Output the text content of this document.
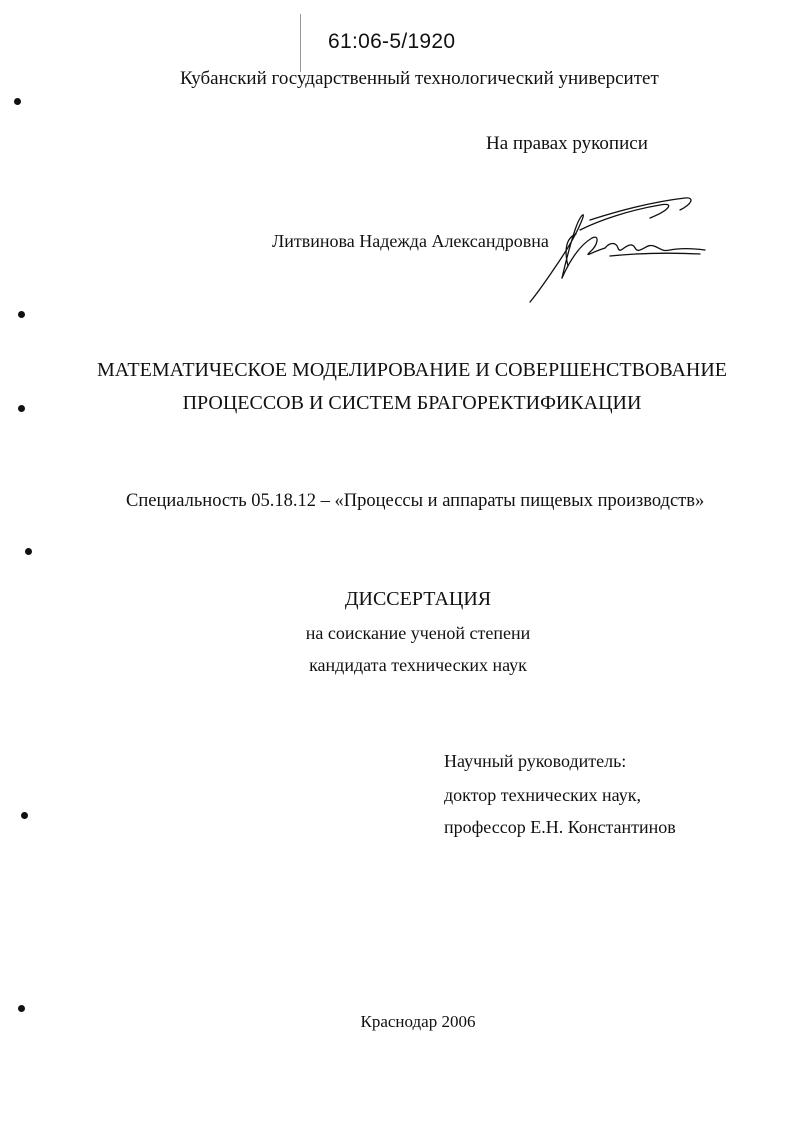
61:06-5/1920
Кубанский государственный технологический университет
На правах рукописи
Литвинова Надежда Александровна
МАТЕМАТИЧЕСКОЕ МОДЕЛИРОВАНИЕ И СОВЕРШЕНСТВОВАНИЕ
ПРОЦЕССОВ И СИСТЕМ БРАГОРЕКТИФИКАЦИИ
Специальность 05.18.12 – «Процессы и аппараты пищевых производств»
ДИССЕРТАЦИЯ
на соискание ученой степени
кандидата технических наук
Научный руководитель:
доктор технических наук,
профессор Е.Н. Константинов
Краснодар 2006
